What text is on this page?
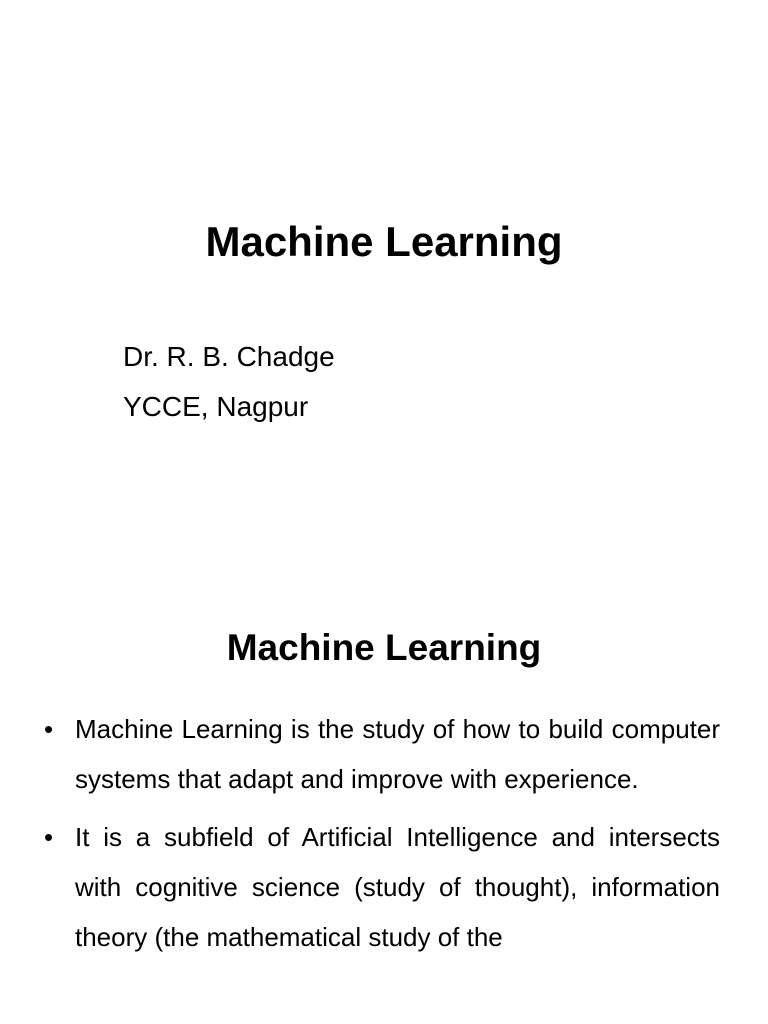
Machine Learning
Dr. R. B. Chadge
YCCE, Nagpur
Machine Learning
• Machine Learning is the study of how to build computer systems that adapt and improve with experience.
• It is a subfield of Artificial Intelligence and intersects with cognitive science (study of thought), information theory (the mathematical study of the
